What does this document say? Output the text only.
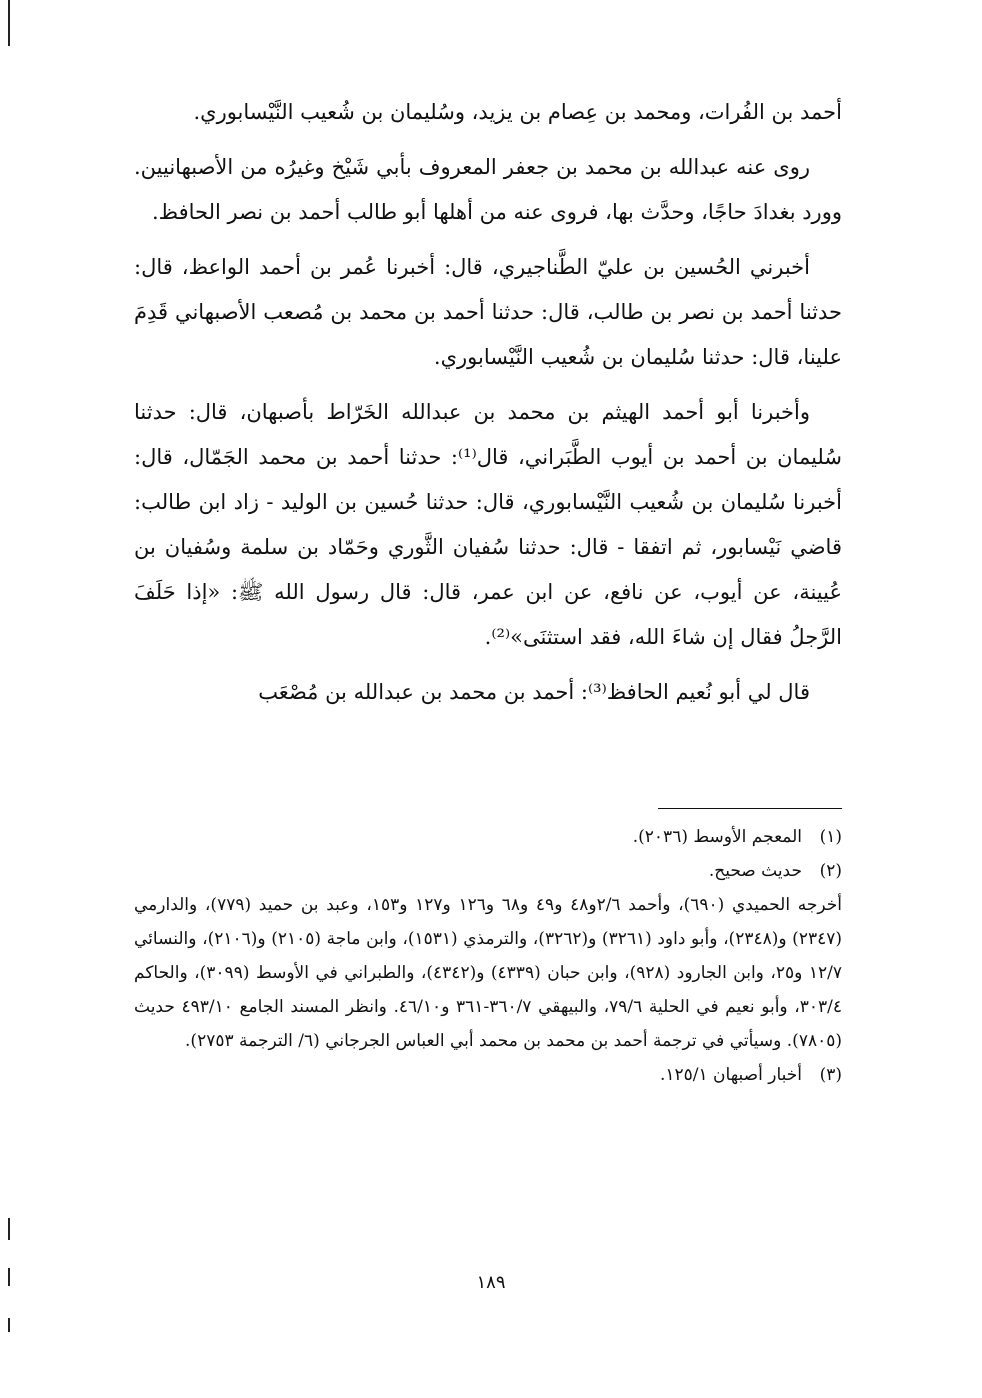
أحمد بن الفُرات، ومحمد بن عِصام بن يزيد، وسُليمان بن شُعيب النَّيْسابوري.

روى عنه عبدالله بن محمد بن جعفر المعروف بأبي شَيْخ وغيرُه من الأصبهانيين. وورد بغدادَ حاجًا، وحدَّث بها، فروى عنه من أهلها أبو طالب أحمد بن نصر الحافظ.

أخبرني الحُسين بن عليّ الطَّناجيري، قال: أخبرنا عُمر بن أحمد الواعظ، قال: حدثنا أحمد بن نصر بن طالب، قال: حدثنا أحمد بن محمد بن مُصعب الأصبهاني قَدِمَ علينا، قال: حدثنا سُليمان بن شُعيب النَّيْسابوري.

وأخبرنا أبو أحمد الهيثم بن محمد بن عبدالله الخَرّاط بأصبهان، قال: حدثنا سُليمان بن أحمد بن أيوب الطَّبَراني، قال⁽¹⁾: حدثنا أحمد بن محمد الجَمّال، قال: أخبرنا سُليمان بن شُعيب النَّيْسابوري، قال: حدثنا حُسين بن الوليد - زاد ابن طالب: قاضي نَيْسابور، ثم اتفقا - قال: حدثنا سُفيان الثَّوري وحَمّاد بن سلمة وسُفيان بن عُيينة، عن أيوب، عن نافع، عن ابن عمر، قال: قال رسول الله ﷺ: «إذا حَلَفَ الرَّجلُ فقال إن شاءَ الله، فقد استثنَى»⁽²⁾.

قال لي أبو نُعيم الحافظ⁽³⁾: أحمد بن محمد بن عبدالله بن مُصْعَب

(١)المعجم الأوسط (٢٠٣٦).

(٢)حديث صحيح.

أخرجه الحميدي (٦٩٠)، وأحمد ٢/٦و٤٨ و٤٩ و٦٨ و١٢٦ و١٢٧ و١٥٣، وعبد بن حميد (٧٧٩)، والدارمي (٢٣٤٧) و(٢٣٤٨)، وأبو داود (٣٢٦١) و(٣٢٦٢)، والترمذي (١٥٣١)، وابن ماجة (٢١٠٥) و(٢١٠٦)، والنسائي ١٢/٧ و٢٥، وابن الجارود (٩٢٨)، وابن حبان (٤٣٣٩) و(٤٣٤٢)، والطبراني في الأوسط (٣٠٩٩)، والحاكم ٣٠٣/٤، وأبو نعيم في الحلية ٧٩/٦، والبيهقي ٣٦٠/٧-٣٦١ و٤٦/١٠. وانظر المسند الجامع ٤٩٣/١٠ حديث (٧٨٠٥). وسيأتي في ترجمة أحمد بن محمد بن محمد أبي العباس الجرجاني (٦/ الترجمة ٢٧٥٣).

(٣)أخبار أصبهان ١٢٥/١.

١٨٩
